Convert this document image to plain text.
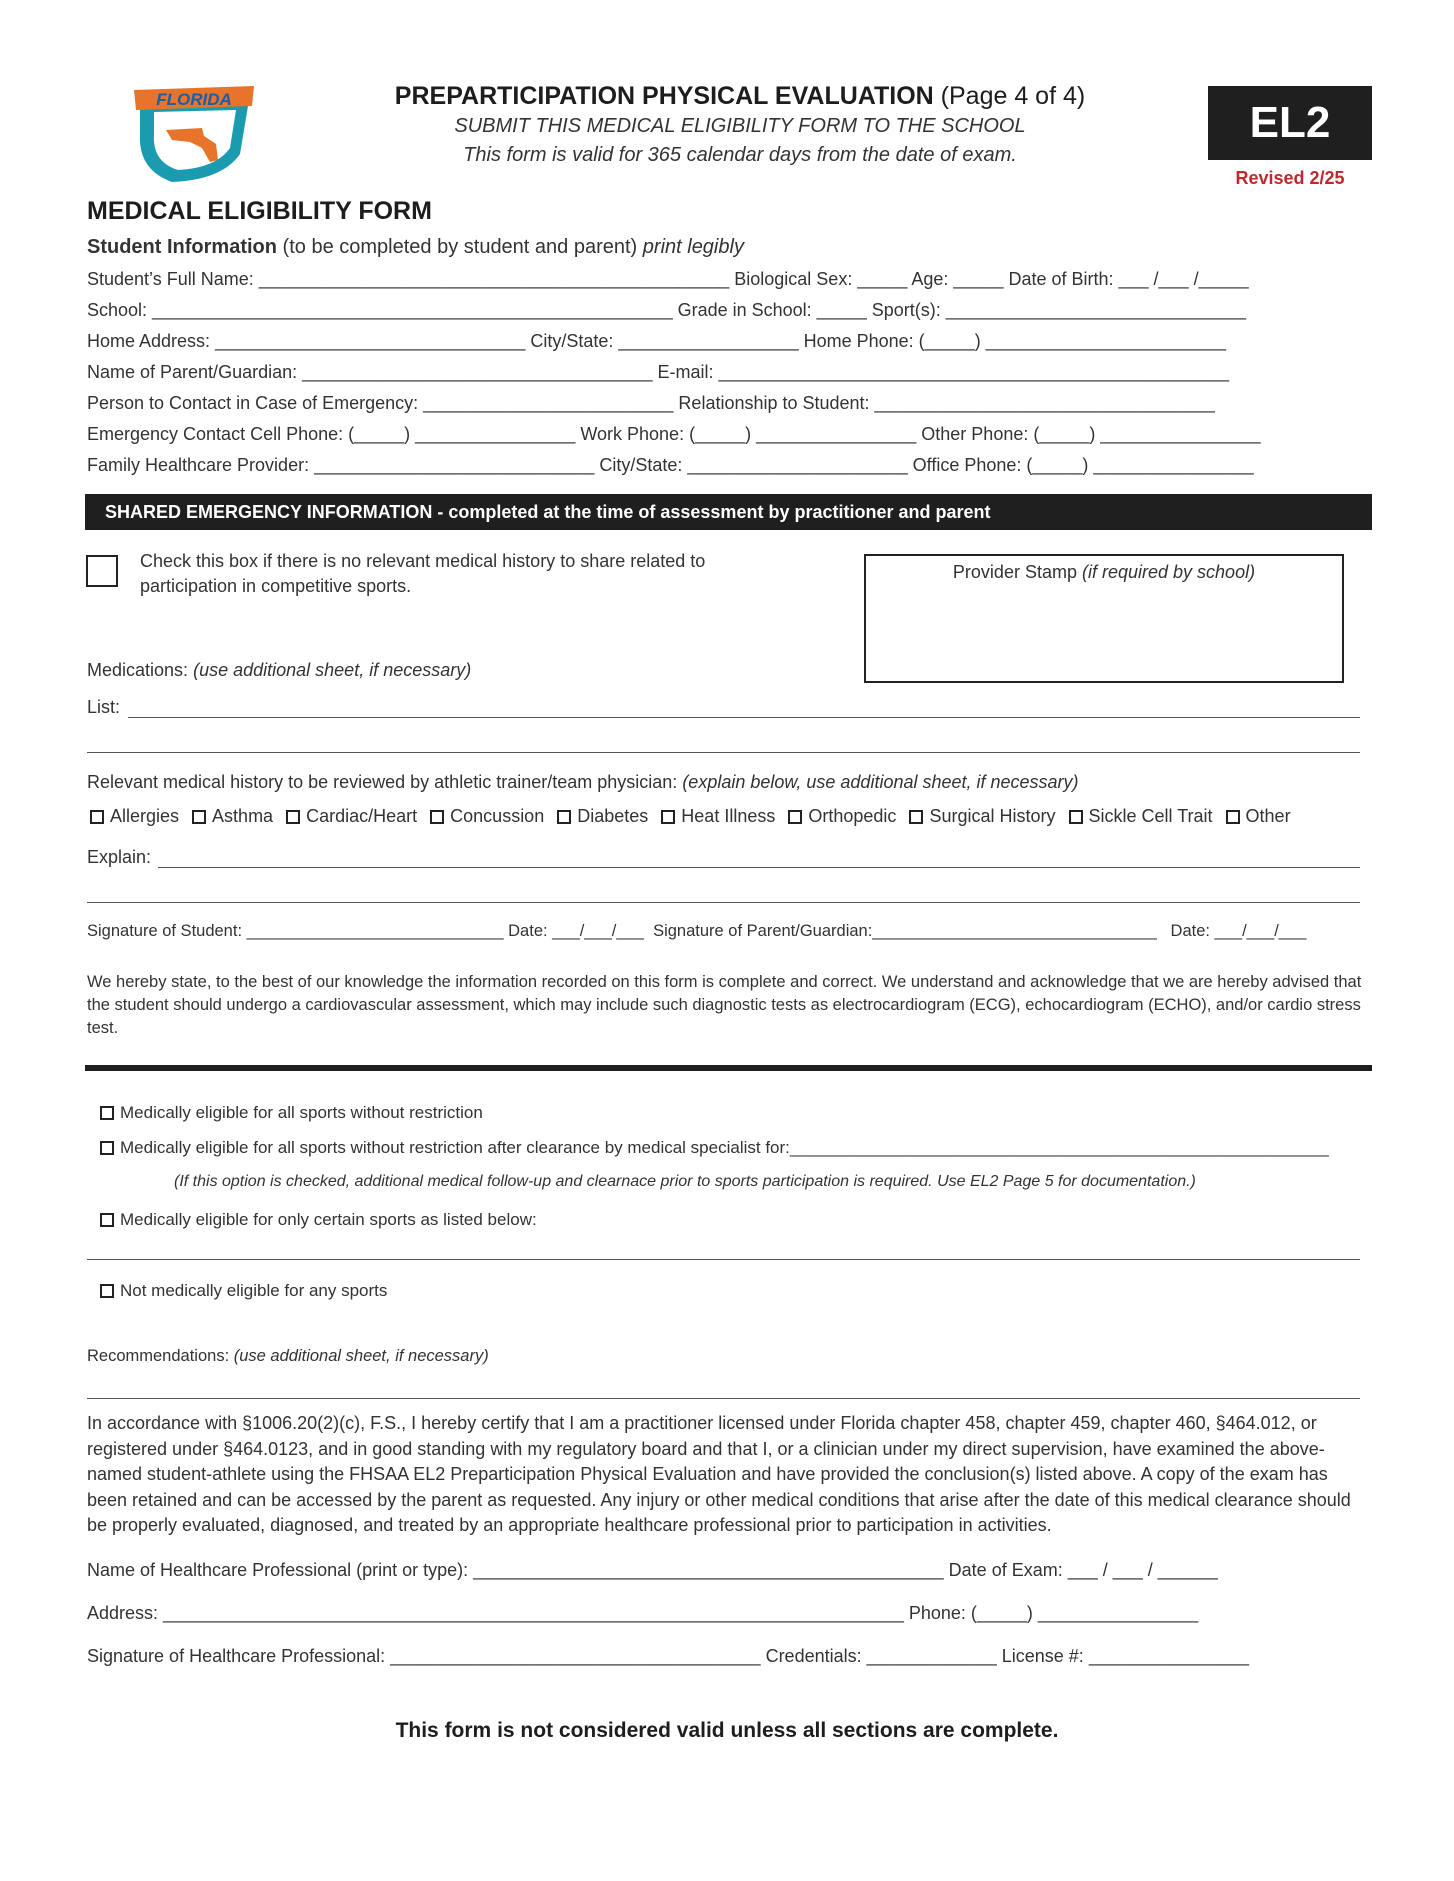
FLORIDA	PREPARTICIPATION PHYSICAL EVALUATION (Page 4 of 4)
SUBMIT THIS MEDICAL ELIGIBILITY FORM TO THE SCHOOL
This form is valid for 365 calendar days from the date of exam.
EL2
Revised 2/25
MEDICAL ELIGIBILITY FORM
Student Information (to be completed by student and parent) print legibly
Student’s Full Name: _______________________________________________ Biological Sex: _____ Age: _____ Date of Birth: ___ /___ /_____
School: ____________________________________________________ Grade in School: _____ Sport(s): ______________________________
Home Address: _______________________________ City/State: __________________ Home Phone: (_____) ________________________
Name of Parent/Guardian: ___________________________________ E-mail: ___________________________________________________
Person to Contact in Case of Emergency: _________________________ Relationship to Student: __________________________________
Emergency Contact Cell Phone: (_____) ________________ Work Phone: (_____) ________________ Other Phone: (_____) ________________
Family Healthcare Provider: ____________________________ City/State: ______________________ Office Phone: (_____) ________________
SHARED EMERGENCY INFORMATION - completed at the time of assessment by practitioner and parent
Check this box if there is no relevant medical history to share related to
participation in competitive sports.
Provider Stamp (if required by school)
Medications: (use additional sheet, if necessary)
List:
Relevant medical history to be reviewed by athletic trainer/team physician: (explain below, use additional sheet, if necessary)
Allergies Asthma Cardiac/Heart Concussion Diabetes Heat Illness Orthopedic Surgical History Sickle Cell Trait Other
Explain:
Signature of Student: ____________________________ Date: ___/___/___  Signature of Parent/Guardian:_______________________________   Date: ___/___/___
We hereby state, to the best of our knowledge the information recorded on this form is complete and correct. We understand and acknowledge that we are hereby advised that the student should undergo a cardiovascular assessment, which may include such diagnostic tests as electrocardiogram (ECG), echocardiogram (ECHO), and/or cardio stress test.
Medically eligible for all sports without restriction
Medically eligible for all sports without restriction after clearance by medical specialist for:_________________________________________________________
(If this option is checked, additional medical follow-up and clearnace prior to sports participation is required. Use EL2 Page 5 for documentation.)
Medically eligible for only certain sports as listed below:
Not medically eligible for any sports
Recommendations: (use additional sheet, if necessary)
In accordance with §1006.20(2)(c), F.S., I hereby certify that I am a practitioner licensed under Florida chapter 458, chapter 459, chapter 460, §464.012, or registered under §464.0123, and in good standing with my regulatory board and that I, or a clinician under my direct supervision, have examined the above-named student-athlete using the FHSAA EL2 Preparticipation Physical Evaluation and have provided the conclusion(s) listed above. A copy of the exam has been retained and can be accessed by the parent as requested. Any injury or other medical conditions that arise after the date of this medical clearance should be properly evaluated, diagnosed, and treated by an appropriate healthcare professional prior to participation in activities.
Name of Healthcare Professional (print or type): _______________________________________________ Date of Exam: ___ / ___ / ______
Address: __________________________________________________________________________ Phone: (_____) ________________
Signature of Healthcare Professional: _____________________________________ Credentials: _____________ License #: ________________
This form is not considered valid unless all sections are complete.
